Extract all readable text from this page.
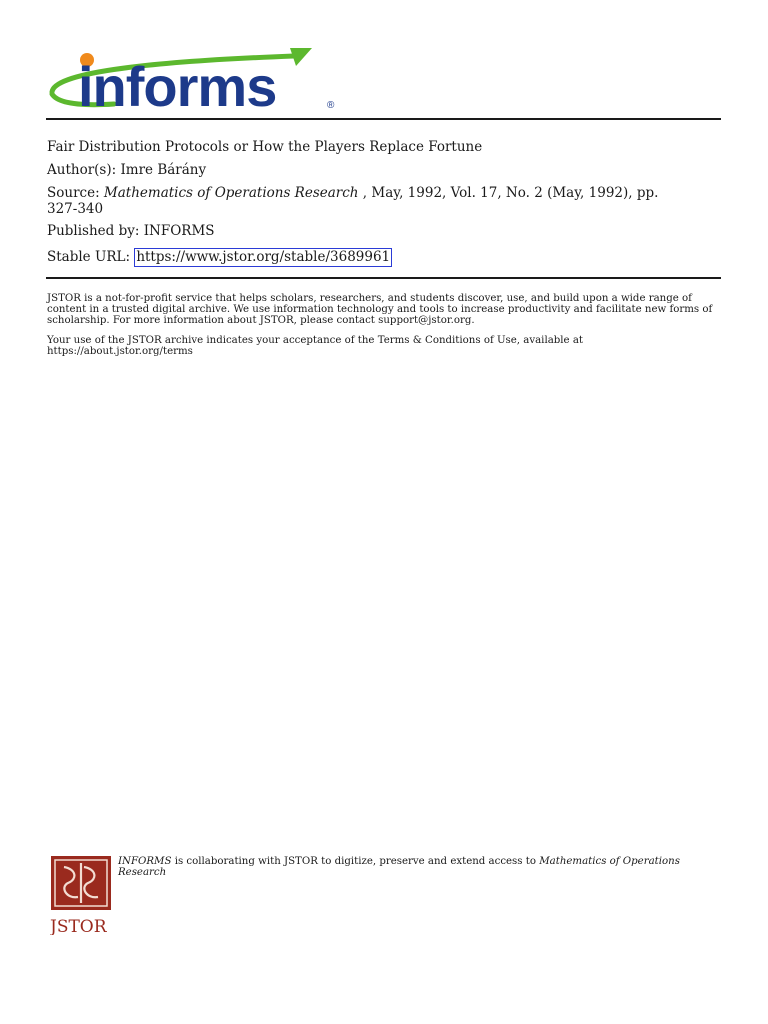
informs	®
Fair Distribution Protocols or How the Players Replace Fortune
Author(s): Imre Bárány
Source: Mathematics of Operations Research , May, 1992, Vol. 17, No. 2 (May, 1992), pp.
327-340
Published by: INFORMS
Stable URL: https://www.jstor.org/stable/3689961
JSTOR is a not-for-profit service that helps scholars, researchers, and students discover, use, and build upon a wide range of content in a trusted digital archive. We use information technology and tools to increase productivity and facilitate new forms of scholarship. For more information about JSTOR, please contact support@jstor.org.
Your use of the JSTOR archive indicates your acceptance of the Terms & Conditions of Use, available at
https://about.jstor.org/terms
JSTOR
INFORMS is collaborating with JSTOR to digitize, preserve and extend access to Mathematics of Operations Research
